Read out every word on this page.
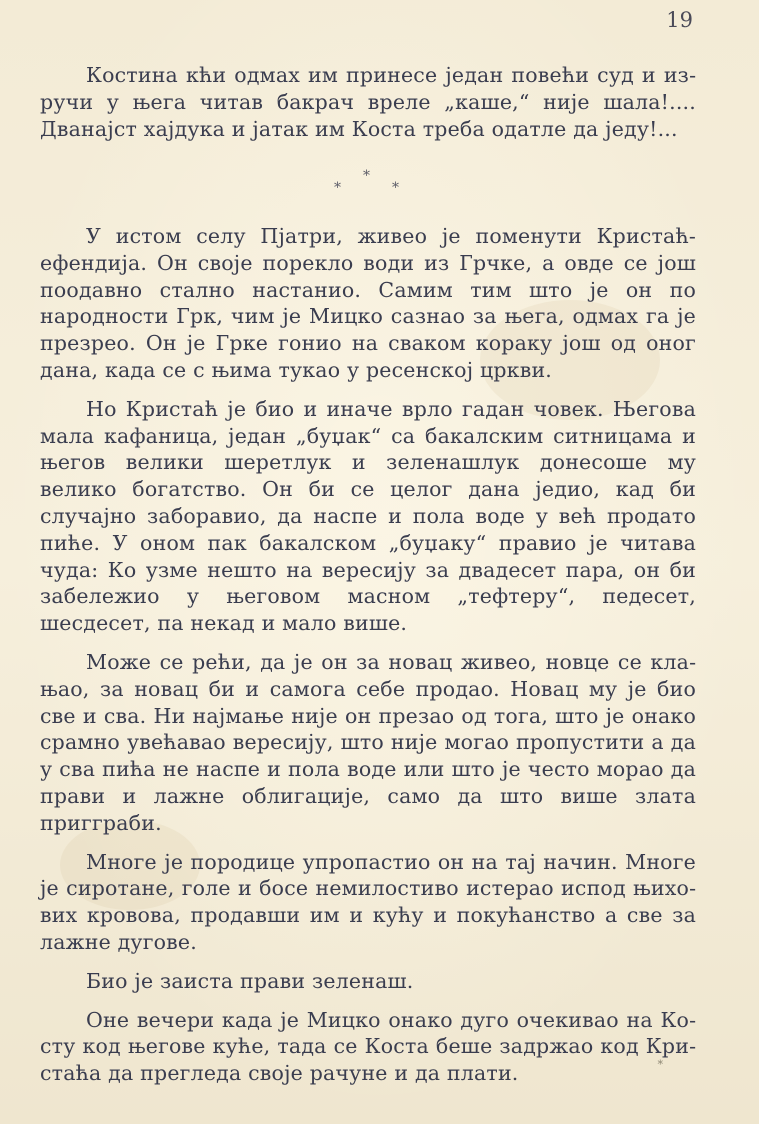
19

Костина кћи одмах им принесе један повећи суд и изручи у њега читав бакрач вреле „каше,“ није шала!.... Дванајст хајдука и јатак им Коста треба одатле да једу!...

*
*	*

У истом селу Пјатри, живео је поменути Кристаћ-ефендија. Он своје порекло води из Грчке, а овде се још поодавно стално настанио. Самим тим што је он по народности Грк, чим је Мицко сазнао за њега, одмах га је презрео. Он је Грке гонио на сваком кораку још од оног дана, када се с њима тукао у ресенској цркви.

Но Кристаћ је био и иначе врло гадан човек. Његова мала кафаница, један „буџак“ са бакалским ситницама и његов велики шеретлук и зеленашлук донесоше му велико богатство. Он би се целог дана једио, кад би случајно заборавио, да наспе и пола воде у већ продато пиће. У оном пак бакалском „буџаку“ правио је читава чуда: Ко узме нешто на вересију за двадесет пара, он би забележио у његовом масном „тефтеру“, педесет, шесдесет, па некад и мало више.

Може се рећи, да је он за новац живео, новце се клањао, за новац би и самога себе продао. Новац му је био све и сва. Ни најмање није он презао од тога, што је онако срамно увећавао вересију, што није могао пропустити а да у сва пића не наспе и пола воде или што је често морао да прави и лажне облигације, само да што више злата пригграби.

Многе је породице упропастио он на тај начин. Многе је сиротане, голе и босе немилостиво истерао испод њихових кровова, продавши им и кућу и покућанство а све за лажне дугове.

Био је заиста прави зеленаш.

Оне вечери када је Мицко онако дуго очекивао на Косту код његове куће, тада се Коста беше задржао код Кристаћа да прегледа своје рачуне и да плати.	*
